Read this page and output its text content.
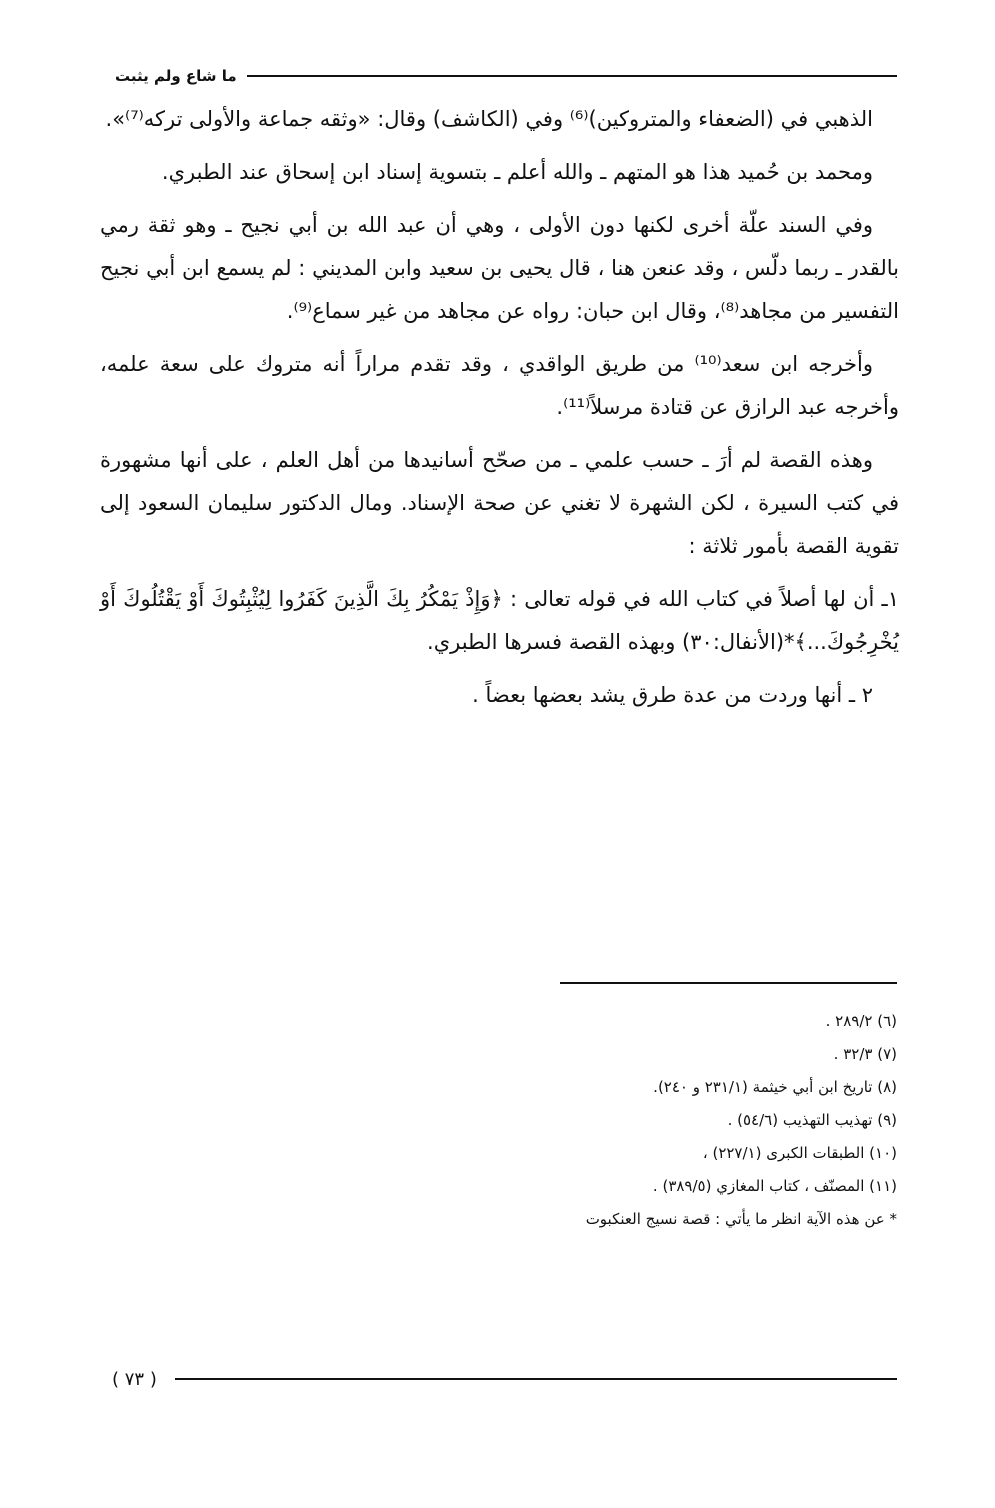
ما شاع ولم يثبت

الذهبي في (الضعفاء والمتروكين)⁽⁶⁾ وفي (الكاشف) وقال: «وثقه جماعة والأولى تركه⁽⁷⁾».

ومحمد بن حُميد هذا هو المتهم ـ والله أعلم ـ بتسوية إسناد ابن إسحاق عند الطبري.

وفي السند علّة أخرى لكنها دون الأولى ، وهي أن عبد الله بن أبي نجيح ـ وهو ثقة رمي بالقدر ـ ربما دلّس ، وقد عنعن هنا ، قال يحيى بن سعيد وابن المديني : لم يسمع ابن أبي نجيح التفسير من مجاهد⁽⁸⁾، وقال ابن حبان: رواه عن مجاهد من غير سماع⁽⁹⁾.

وأخرجه ابن سعد⁽¹⁰⁾ من طريق الواقدي ، وقد تقدم مراراً أنه متروك على سعة علمه، وأخرجه عبد الرازق عن قتادة مرسلاً⁽¹¹⁾.

وهذه القصة لم أرَ ـ حسب علمي ـ من صحّح أسانيدها من أهل العلم ، على أنها مشهورة في كتب السيرة ، لكن الشهرة لا تغني عن صحة الإسناد. ومال الدكتور سليمان السعود إلى تقوية القصة بأمور ثلاثة :

١ـ أن لها أصلاً في كتاب الله في قوله تعالى : ﴿وَإِذْ يَمْكُرُ بِكَ الَّذِينَ كَفَرُوا لِيُثْبِتُوكَ أَوْ يَقْتُلُوكَ أَوْ يُخْرِجُوكَ...﴾*(الأنفال:٣٠) وبهذه القصة فسرها الطبري.

٢ ـ أنها وردت من عدة طرق يشد بعضها بعضاً .

(٦) ٢٨٩/٢ .

(٧) ٣٢/٣ .

(٨) تاريخ ابن أبي خيثمة (٢٣١/١ و ٢٤٠).

(٩) تهذيب التهذيب (٥٤/٦) .

(١٠) الطبقات الكبرى (٢٢٧/١) ،

(١١) المصنّف ، كتاب المغازي (٣٨٩/٥) .

* عن هذه الآية انظر ما يأتي : قصة نسيج العنكبوت

( ٧٣ )
